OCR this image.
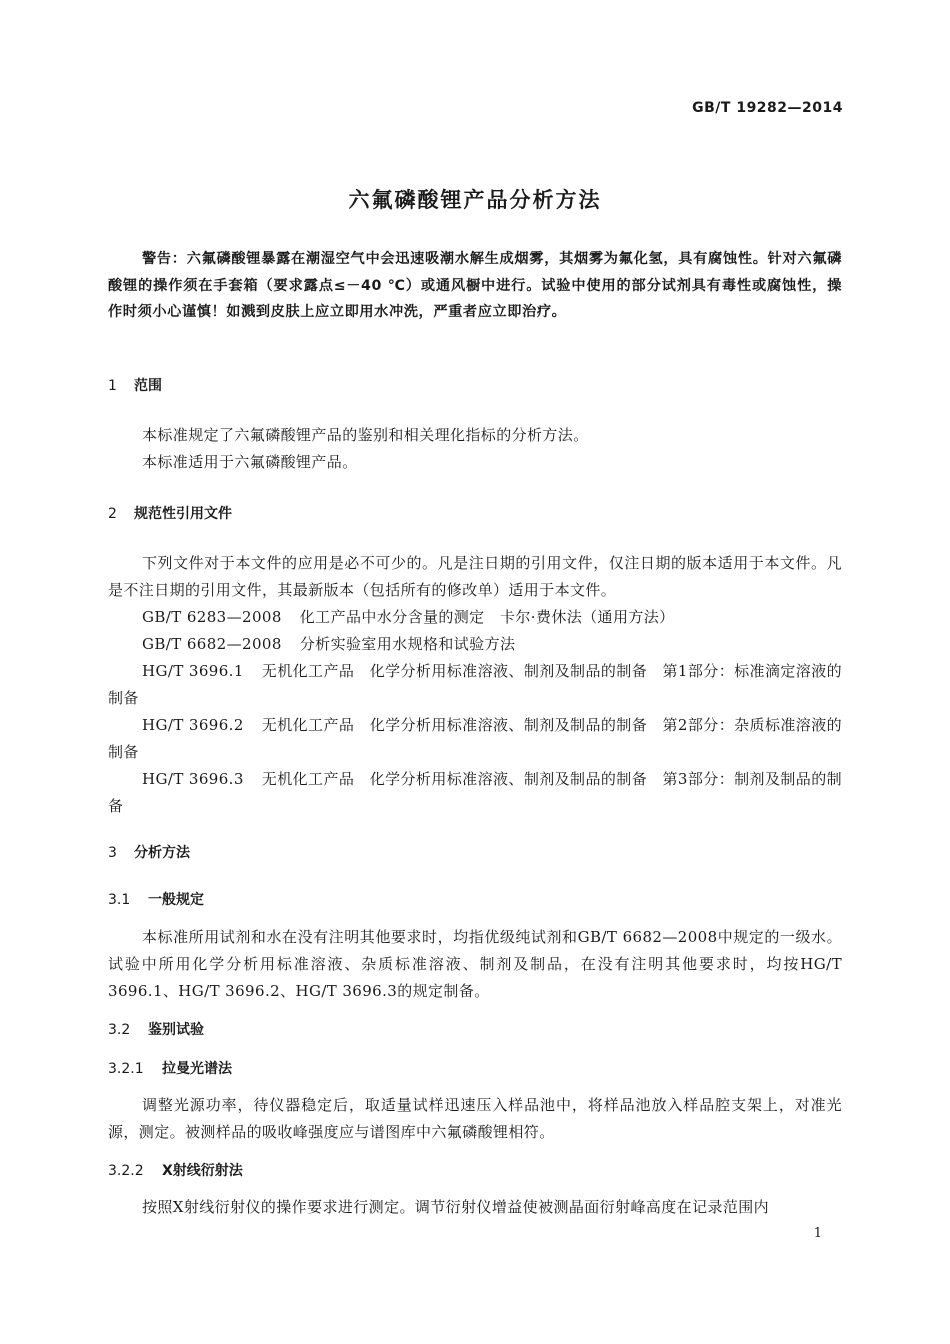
GB/T 19282—2014
六氟磷酸锂产品分析方法
警告：六氟磷酸锂暴露在潮湿空气中会迅速吸潮水解生成烟雾，其烟雾为氟化氢，具有腐蚀性。针对六氟磷酸锂的操作须在手套箱（要求露点≤－40 ℃）或通风橱中进行。试验中使用的部分试剂具有毒性或腐蚀性，操作时须小心谨慎！如溅到皮肤上应立即用水冲洗，严重者应立即治疗。
1 范围
本标准规定了六氟磷酸锂产品的鉴别和相关理化指标的分析方法。
本标准适用于六氟磷酸锂产品。
2 规范性引用文件
下列文件对于本文件的应用是必不可少的。凡是注日期的引用文件，仅注日期的版本适用于本文件。凡是不注日期的引用文件，其最新版本（包括所有的修改单）适用于本文件。
GB/T 6283—2008 化工产品中水分含量的测定　卡尔·费休法（通用方法）
GB/T 6682—2008 分析实验室用水规格和试验方法
HG/T 3696.1 无机化工产品　化学分析用标准溶液、制剂及制品的制备　第1部分：标准滴定溶液的制备
HG/T 3696.2 无机化工产品　化学分析用标准溶液、制剂及制品的制备　第2部分：杂质标准溶液的制备
HG/T 3696.3 无机化工产品　化学分析用标准溶液、制剂及制品的制备　第3部分：制剂及制品的制备
3 分析方法
3.1 一般规定
本标准所用试剂和水在没有注明其他要求时，均指优级纯试剂和GB/T 6682—2008中规定的一级水。试验中所用化学分析用标准溶液、杂质标准溶液、制剂及制品，在没有注明其他要求时，均按HG/T 3696.1、HG/T 3696.2、HG/T 3696.3的规定制备。
3.2 鉴别试验
3.2.1 拉曼光谱法
调整光源功率，待仪器稳定后，取适量试样迅速压入样品池中，将样品池放入样品腔支架上，对准光源，测定。被测样品的吸收峰强度应与谱图库中六氟磷酸锂相符。
3.2.2 X射线衍射法
按照X射线衍射仪的操作要求进行测定。调节衍射仪增益使被测晶面衍射峰高度在记录范围内
1
